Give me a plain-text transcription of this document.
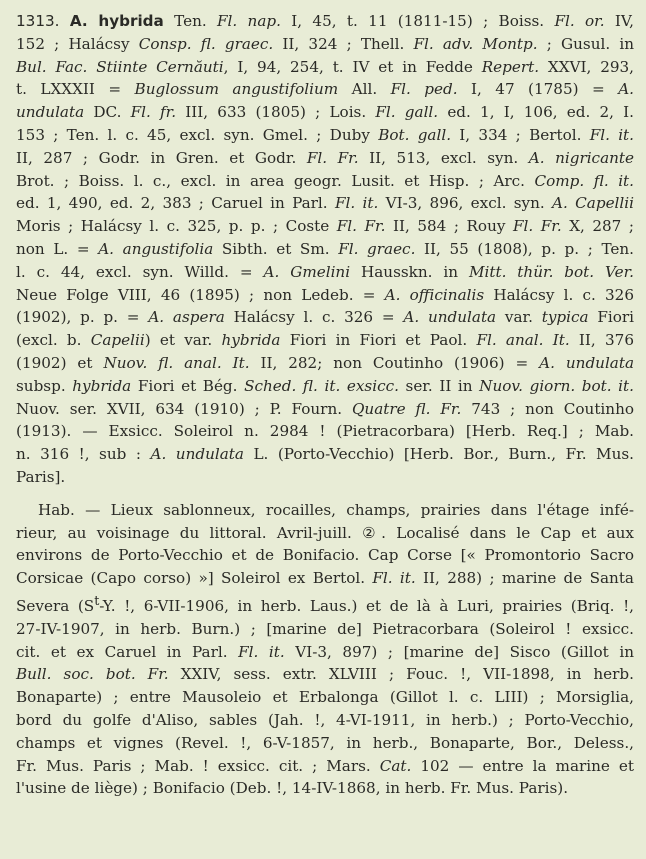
1313. A. hybrida Ten. Fl. nap. I, 45, t. 11 (1811-15) ; Boiss. Fl. or. IV,
152 ; Halácsy Consp. fl. graec. II, 324 ; Thell. Fl. adv. Montp. ; Gusul. in
Bul. Fac. Stiinte Cernăuti, I, 94, 254, t. IV et in Fedde Repert. XXVI, 293,
t. LXXXII = Buglossum angustifolium All. Fl. ped. I, 47 (1785) = A.
undulata DC. Fl. fr. III, 633 (1805) ; Lois. Fl. gall. ed. 1, I, 106, ed. 2, I.
153 ; Ten. l. c. 45, excl. syn. Gmel. ; Duby Bot. gall. I, 334 ; Bertol. Fl. it.
II, 287 ; Godr. in Gren. et Godr. Fl. Fr. II, 513, excl. syn. A. nigricante
Brot. ; Boiss. l. c., excl. in area geogr. Lusit. et Hisp. ; Arc. Comp. fl. it.
ed. 1, 490, ed. 2, 383 ; Caruel in Parl. Fl. it. VI-3, 896, excl. syn. A. Capellii
Moris ; Halácsy l. c. 325, p. p. ; Coste Fl. Fr. II, 584 ; Rouy Fl. Fr. X, 287 ;
non L. = A. angustifolia Sibth. et Sm. Fl. graec. II, 55 (1808), p. p. ; Ten.
l. c. 44, excl. syn. Willd. = A. Gmelini Hausskn. in Mitt. thür. bot. Ver.
Neue Folge VIII, 46 (1895) ; non Ledeb. = A. officinalis Halácsy l. c. 326
(1902), p. p. = A. aspera Halácsy l. c. 326 = A. undulata var. typica Fiori
(excl. b. Capelii) et var. hybrida Fiori in Fiori et Paol. Fl. anal. It. II, 376
(1902) et Nuov. fl. anal. It. II, 282; non Coutinho (1906) = A. undulata
subsp. hybrida Fiori et Bég. Sched. fl. it. exsicc. ser. II in Nuov. giorn. bot. it.
Nuov. ser. XVII, 634 (1910) ; P. Fourn. Quatre fl. Fr. 743 ; non Coutinho
(1913). — Exsicc. Soleirol n. 2984 ! (Pietracorbara) [Herb. Req.] ; Mab.
n. 316 !, sub : A. undulata L. (Porto-Vecchio) [Herb. Bor., Burn., Fr. Mus.
Paris].
Hab. — Lieux sablonneux, rocailles, champs, prairies dans l'étage infé-
rieur, au voisinage du littoral. Avril-juill. ②. Localisé dans le Cap et aux
environs de Porto-Vecchio et de Bonifacio. Cap Corse [« Promontorio Sacro
Corsicae (Capo corso) »] Soleirol ex Bertol. Fl. it. II, 288) ; marine de Santa
Severa ($S^t-Y$. !, 6-VII-1906, in herb. Laus.) et de là à Luri, prairies (Briq. !,
27-IV-1907, in herb. Burn.) ; [marine de] Pietracorbara (Soleirol ! exsicc.
cit. et ex Caruel in Parl. Fl. it. VI-3, 897) ; [marine de] Sisco (Gillot in
Bull. soc. bot. Fr. XXIV, sess. extr. XLVIII ; Fouc. !, VII-1898, in herb.
Bonaparte) ; entre Mausoleio et Erbalonga (Gillot l. c. LIII) ; Morsiglia,
bord du golfe d'Aliso, sables (Jah. !, 4-VI-1911, in herb.) ; Porto-Vecchio,
champs et vignes (Revel. !, 6-V-1857, in herb., Bonaparte, Bor., Deless.,
Fr. Mus. Paris ; Mab. ! exsicc. cit. ; Mars. Cat. 102 — entre la marine et
l'usine de liège) ; Bonifacio (Deb. !, 14-IV-1868, in herb. Fr. Mus. Paris).
